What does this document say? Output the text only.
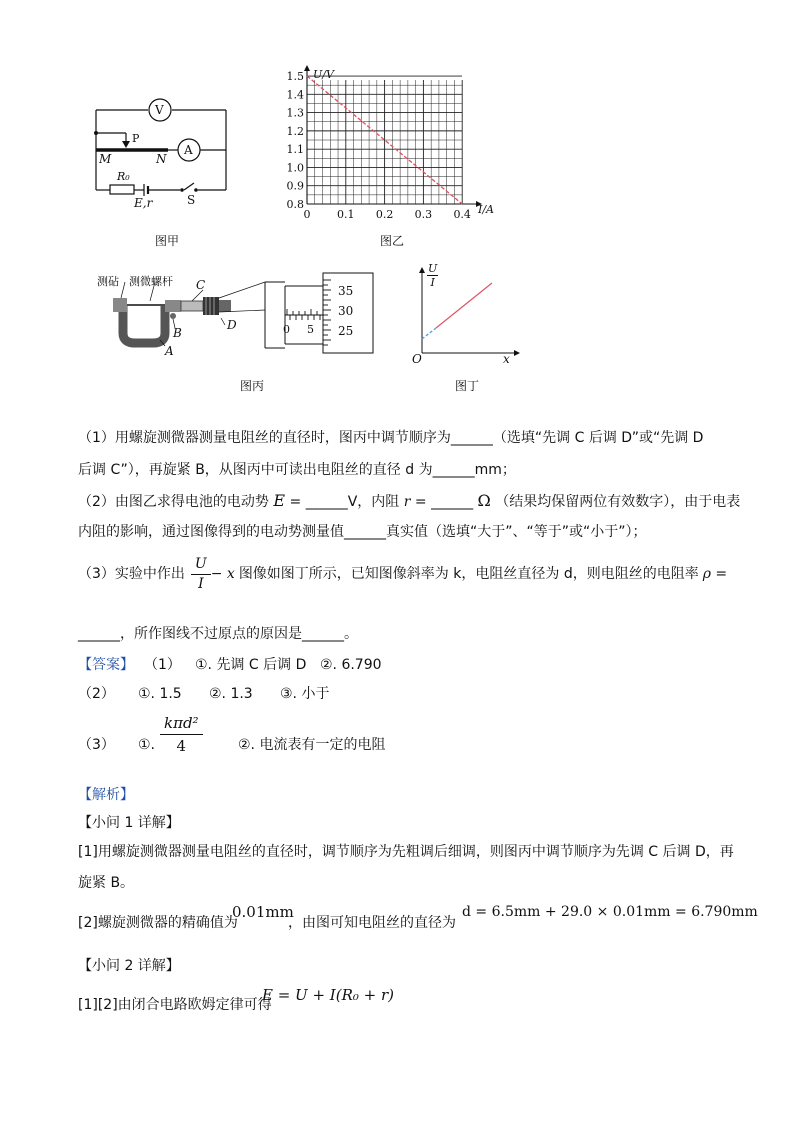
V
A
P
M	N
R₀
E,r	S
图甲
1.5
1.4
1.3
1.2
1.1
1.0
0.9
0.8
0 0.1 0.2 0.3 0.4
U/V
I/A
图乙
测砧 测微螺杆 C
D
B
A
0 5
35
30
25
图丙
$\frac{U}{I}$
x
O
图丁
（1）用螺旋测微器测量电阻丝的直径时，图丙中调节顺序为______（选填“先调 C 后调 D”或“先调 D
后调 C”），再旋紧 B，从图丙中可读出电阻丝的直径 d 为______mm；
（2）由图乙求得电池的电动势 E = ______V，内阻 r = ______ Ω （结果均保留两位有效数字），由于电表
内阻的影响，通过图像得到的电动势测量值______真实值（选填“大于”、“等于”或“小于”）；
（3）实验中作出 $\frac{U}{I} - x$ 图像如图丁所示，已知图像斜率为 k，电阻丝直径为 d，则电阻丝的电阻率 ρ =
______，所作图线不过原点的原因是______。
【答案】 （1） ①. 先调 C 后调 D ②. 6.790
（2） ①. 1.5 ②. 1.3 ③. 小于
（3） ①.
kπd²
4	②. 电流表有一定的电阻
【解析】
【小问 1 详解】
[1]用螺旋测微器测量电阻丝的直径时，调节顺序为先粗调后细调，则图丙中调节顺序为先调 C 后调 D，再
旋紧 B。
[2]螺旋测微器的精确值为
0.01mm
，由图可知电阻丝的直径为
d = 6.5mm + 29.0 × 0.01mm = 6.790mm
【小问 2 详解】
[1][2]由闭合电路欧姆定律可得
E = U + I(R₀ + r)
